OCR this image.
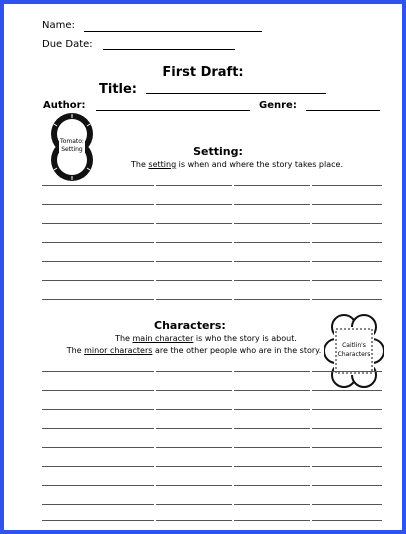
Name:
Due Date:
First Draft:
Title:
Author:	Genre:
Tomato:
Setting	Setting:
The setting is when and where the story takes place.
Characters:
The main character is who the story is about.
The minor characters are the other people who are in the story.
Caitlin's
Characters
